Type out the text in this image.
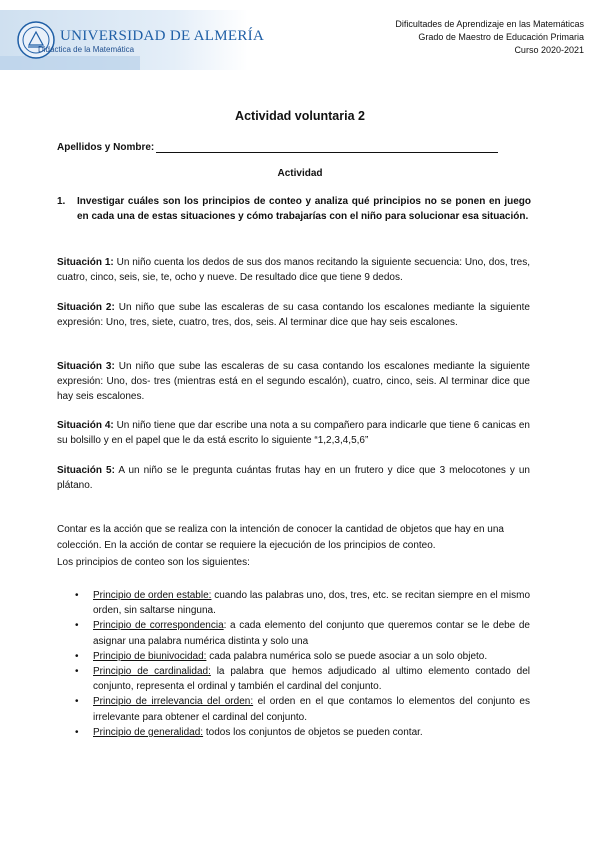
UNIVERSIDAD DE ALMERÍA
Didáctica de la Matemática
Dificultades de Aprendizaje en las Matemáticas
Grado de Maestro de Educación Primaria
Curso 2020-2021
Actividad voluntaria 2
Apellidos y Nombre:
Actividad
1. Investigar cuáles son los principios de conteo y analiza qué principios no se ponen en juego en cada una de estas situaciones y cómo trabajarías con el niño para solucionar esa situación.
Situación 1: Un niño cuenta los dedos de sus dos manos recitando la siguiente secuencia: Uno, dos, tres, cuatro, cinco, seis, sie, te, ocho y nueve. De resultado dice que tiene 9 dedos.
Situación 2: Un niño que sube las escaleras de su casa contando los escalones mediante la siguiente expresión: Uno, tres, siete, cuatro, tres, dos, seis. Al terminar dice que hay seis escalones.
Situación 3: Un niño que sube las escaleras de su casa contando los escalones mediante la siguiente expresión: Uno, dos- tres (mientras está en el segundo escalón), cuatro, cinco, seis. Al terminar dice que hay seis escalones.
Situación 4: Un niño tiene que dar escribe una nota a su compañero para indicarle que tiene 6 canicas en su bolsillo y en el papel que le da está escrito lo siguiente “1,2,3,4,5,6”
Situación 5: A un niño se le pregunta cuántas frutas hay en un frutero y dice que 3 melocotones y un plátano.
Contar es la acción que se realiza con la intención de conocer la cantidad de objetos que hay en una colección. En la acción de contar se requiere la ejecución de los principios de conteo.
Los principios de conteo son los siguientes:
• Principio de orden estable: cuando las palabras uno, dos, tres, etc. se recitan siempre en el mismo orden, sin saltarse ninguna.
• Principio de correspondencia: a cada elemento del conjunto que queremos contar se le debe de asignar una palabra numérica distinta y solo una
• Principio de biunivocidad: cada palabra numérica solo se puede asociar a un solo objeto.
• Principio de cardinalidad: la palabra que hemos adjudicado al ultimo elemento contado del conjunto, representa el ordinal y también el cardinal del conjunto.
• Principio de irrelevancia del orden: el orden en el que contamos lo elementos del conjunto es irrelevante para obtener el cardinal del conjunto.
• Principio de generalidad: todos los conjuntos de objetos se pueden contar.
